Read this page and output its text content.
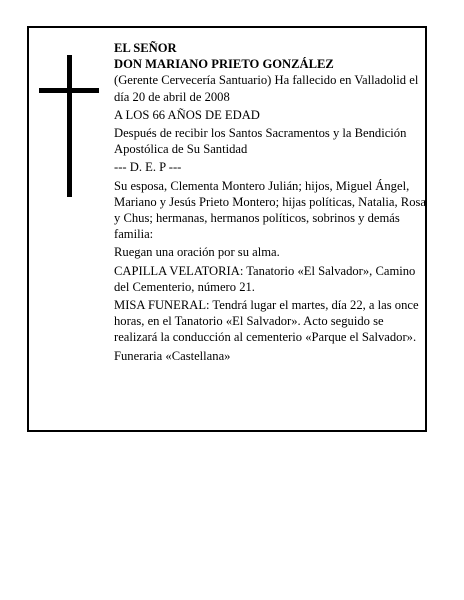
EL SEÑOR

DON MARIANO PRIETO GONZÁLEZ

(Gerente Cervecería Santuario) Ha fallecido en Valladolid el día 20 de abril de 2008

A LOS 66 AÑOS DE EDAD

Después de recibir los Santos Sacramentos y la Bendición Apostólica de Su Santidad

--- D. E. P ---

Su esposa, Clementa Montero Julián; hijos, Miguel Ángel, Mariano y Jesús Prieto Montero; hijas políticas, Natalia, Rosa y Chus; hermanas, hermanos políticos, sobrinos y demás familia:

Ruegan una oración por su alma.

CAPILLA VELATORIA: Tanatorio «El Salvador», Camino del Cementerio, número 21.

MISA FUNERAL: Tendrá lugar el martes, día 22, a las once horas, en el Tanatorio «El Salvador». Acto seguido se realizará la conducción al cementerio «Parque el Salvador».

Funeraria «Castellana»
